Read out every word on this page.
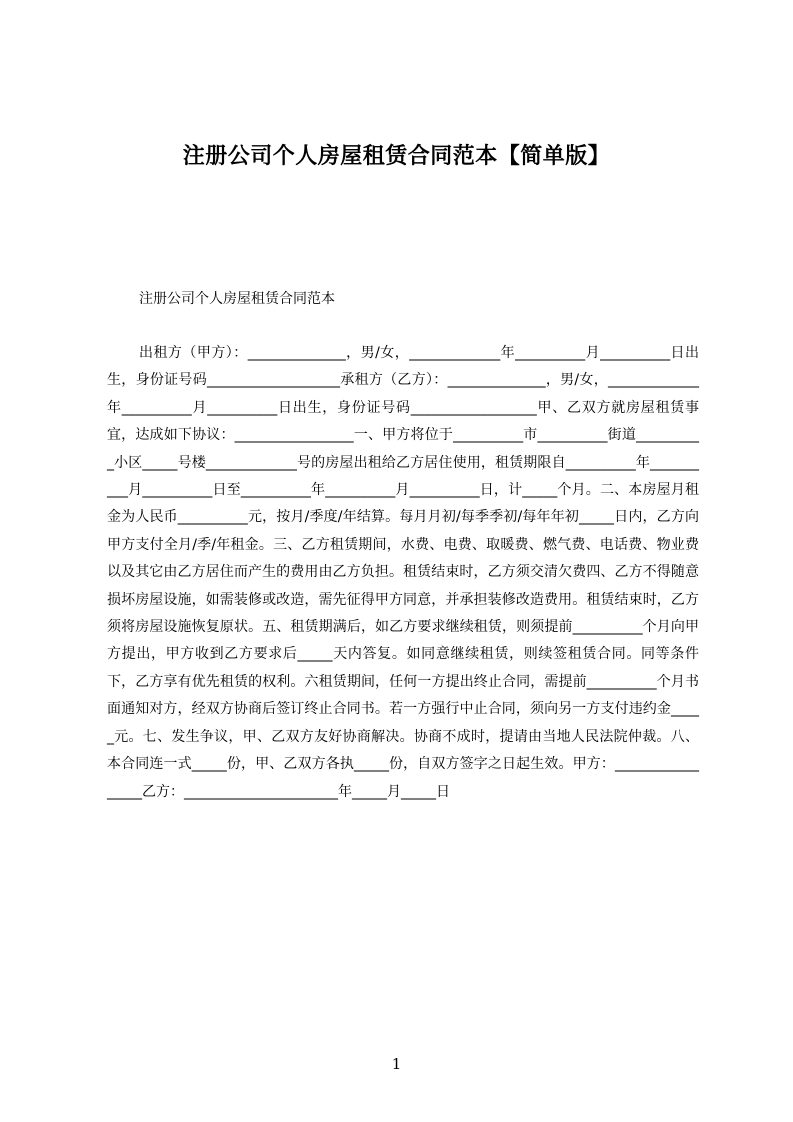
注册公司个人房屋租赁合同范本【简单版】

注册公司个人房屋租赁合同范本

出租方（甲方）：______________，男/女，_____________年__________月__________日出生，身份证号码___________________承租方（乙方）：______________，男/女，_____________年__________月__________日出生，身份证号码__________________甲、乙双方就房屋租赁事宜，达成如下协议：_________________一、甲方将位于__________市__________街道__________小区_____号楼_____________号的房屋出租给乙方居住使用，租赁期限自__________年__________月__________日至__________年__________月__________日，计_____个月。二、本房屋月租金为人民币__________元，按月/季度/年结算。每月月初/每季季初/每年年初_____日内，乙方向甲方支付全月/季/年租金。三、乙方租赁期间，水费、电费、取暖费、燃气费、电话费、物业费以及其它由乙方居住而产生的费用由乙方负担。租赁结束时，乙方须交清欠费四、乙方不得随意损坏房屋设施，如需装修或改造，需先征得甲方同意，并承担装修改造费用。租赁结束时，乙方须将房屋设施恢复原状。五、租赁期满后，如乙方要求继续租赁，则须提前__________个月向甲方提出，甲方收到乙方要求后_____天内答复。如同意继续租赁，则续签租赁合同。同等条件下，乙方享有优先租赁的权利。六租赁期间，任何一方提出终止合同，需提前__________个月书面通知对方，经双方协商后签订终止合同书。若一方强行中止合同，须向另一方支付违约金_____元。七、发生争议，甲、乙双方友好协商解决。协商不成时，提请由当地人民法院仲裁。八、本合同连一式_____份，甲、乙双方各执_____份，自双方签字之日起生效。甲方：_________________乙方：______________________年_____月_____日

1
